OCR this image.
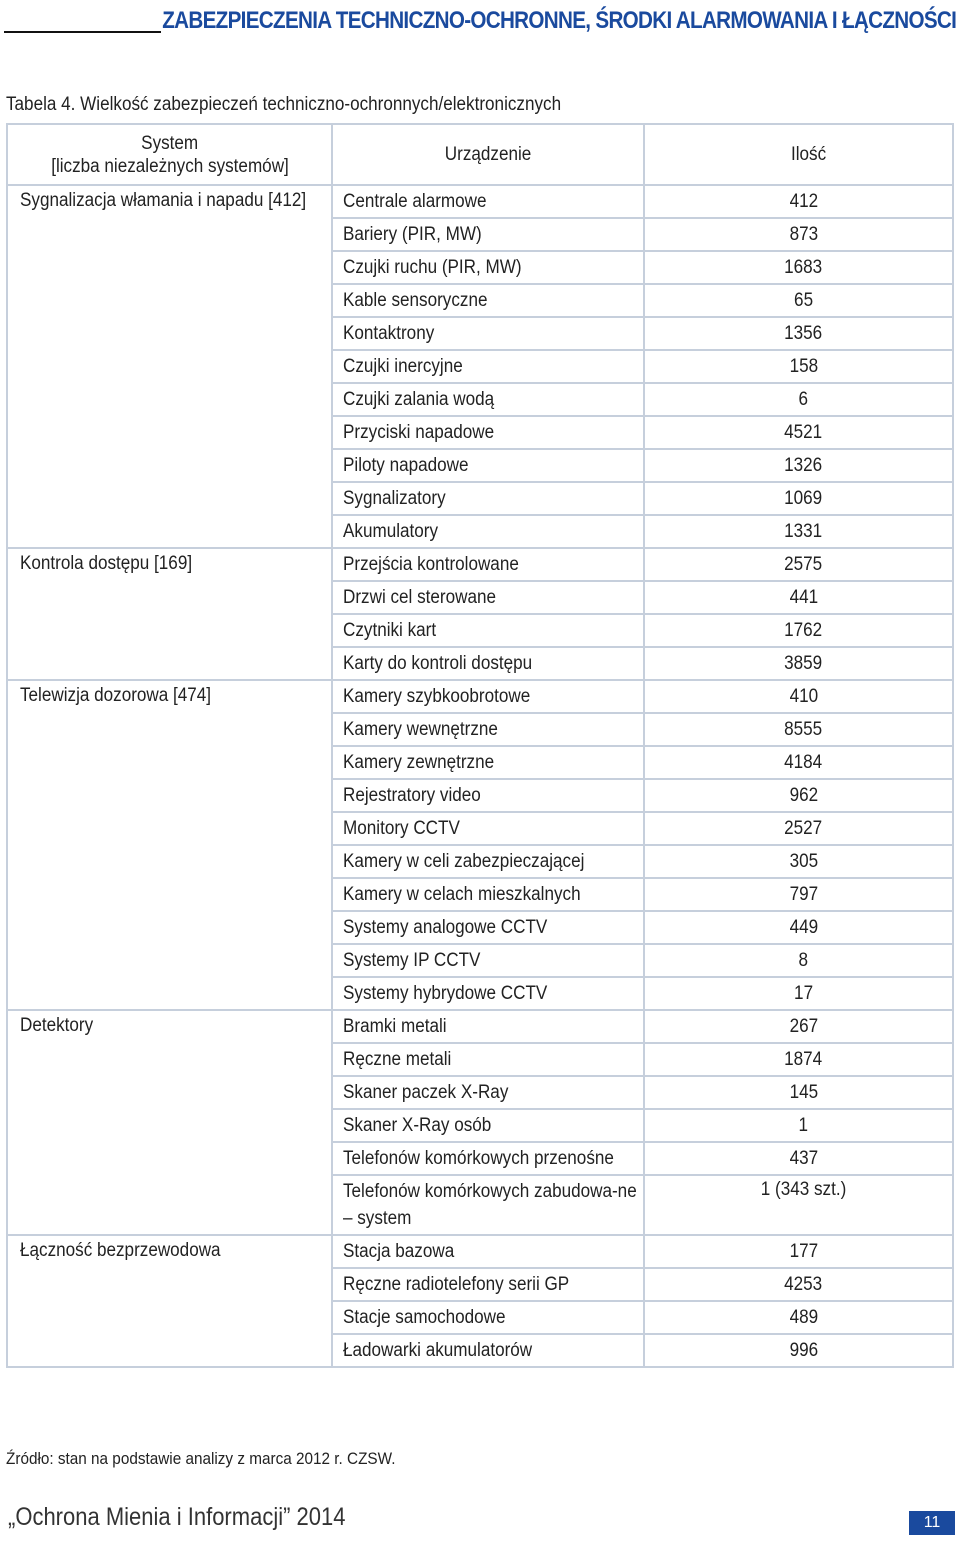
ZABEZPIECZENIA TECHNICZNO-OCHRONNE, ŚRODKI ALARMOWANIA I ŁĄCZNOŚCI
Tabela 4. Wielkość zabezpieczeń techniczno-ochronnych/elektronicznych
System
[liczba niezależnych systemów]	Urządzenie	Ilość
Sygnalizacja włamania i napadu [412]	Centrale alarmowe	412
	Bariery (PIR, MW)	873
	Czujki ruchu (PIR, MW)	1683
	Kable sensoryczne	65
	Kontaktrony	1356
	Czujki inercyjne	158
	Czujki zalania wodą	6
	Przyciski napadowe	4521
	Piloty napadowe	1326
	Sygnalizatory	1069
	Akumulatory	1331
Kontrola dostępu [169]	Przejścia kontrolowane	2575
	Drzwi cel sterowane	441
	Czytniki kart	1762
	Karty do kontroli dostępu	3859
Telewizja dozorowa [474]	Kamery szybkoobrotowe	410
	Kamery wewnętrzne	8555
	Kamery zewnętrzne	4184
	Rejestratory video	962
	Monitory CCTV	2527
	Kamery w celi zabezpieczającej	305
	Kamery w celach mieszkalnych	797
	Systemy analogowe CCTV	449
	Systemy IP CCTV	8
	Systemy hybrydowe CCTV	17
Detektory	Bramki metali	267
	Ręczne metali	1874
	Skaner paczek X-Ray	145
	Skaner X-Ray osób	1
	Telefonów komórkowych przenośne	437
	Telefonów komórkowych zabudowa-ne – system	1 (343 szt.)
Łączność bezprzewodowa	Stacja bazowa	177
	Ręczne radiotelefony serii GP	4253
	Stacje samochodowe	489
	Ładowarki akumulatorów	996
Źródło: stan na podstawie analizy z marca 2012 r. CZSW.
„Ochrona Mienia i Informacji” 2014	11
